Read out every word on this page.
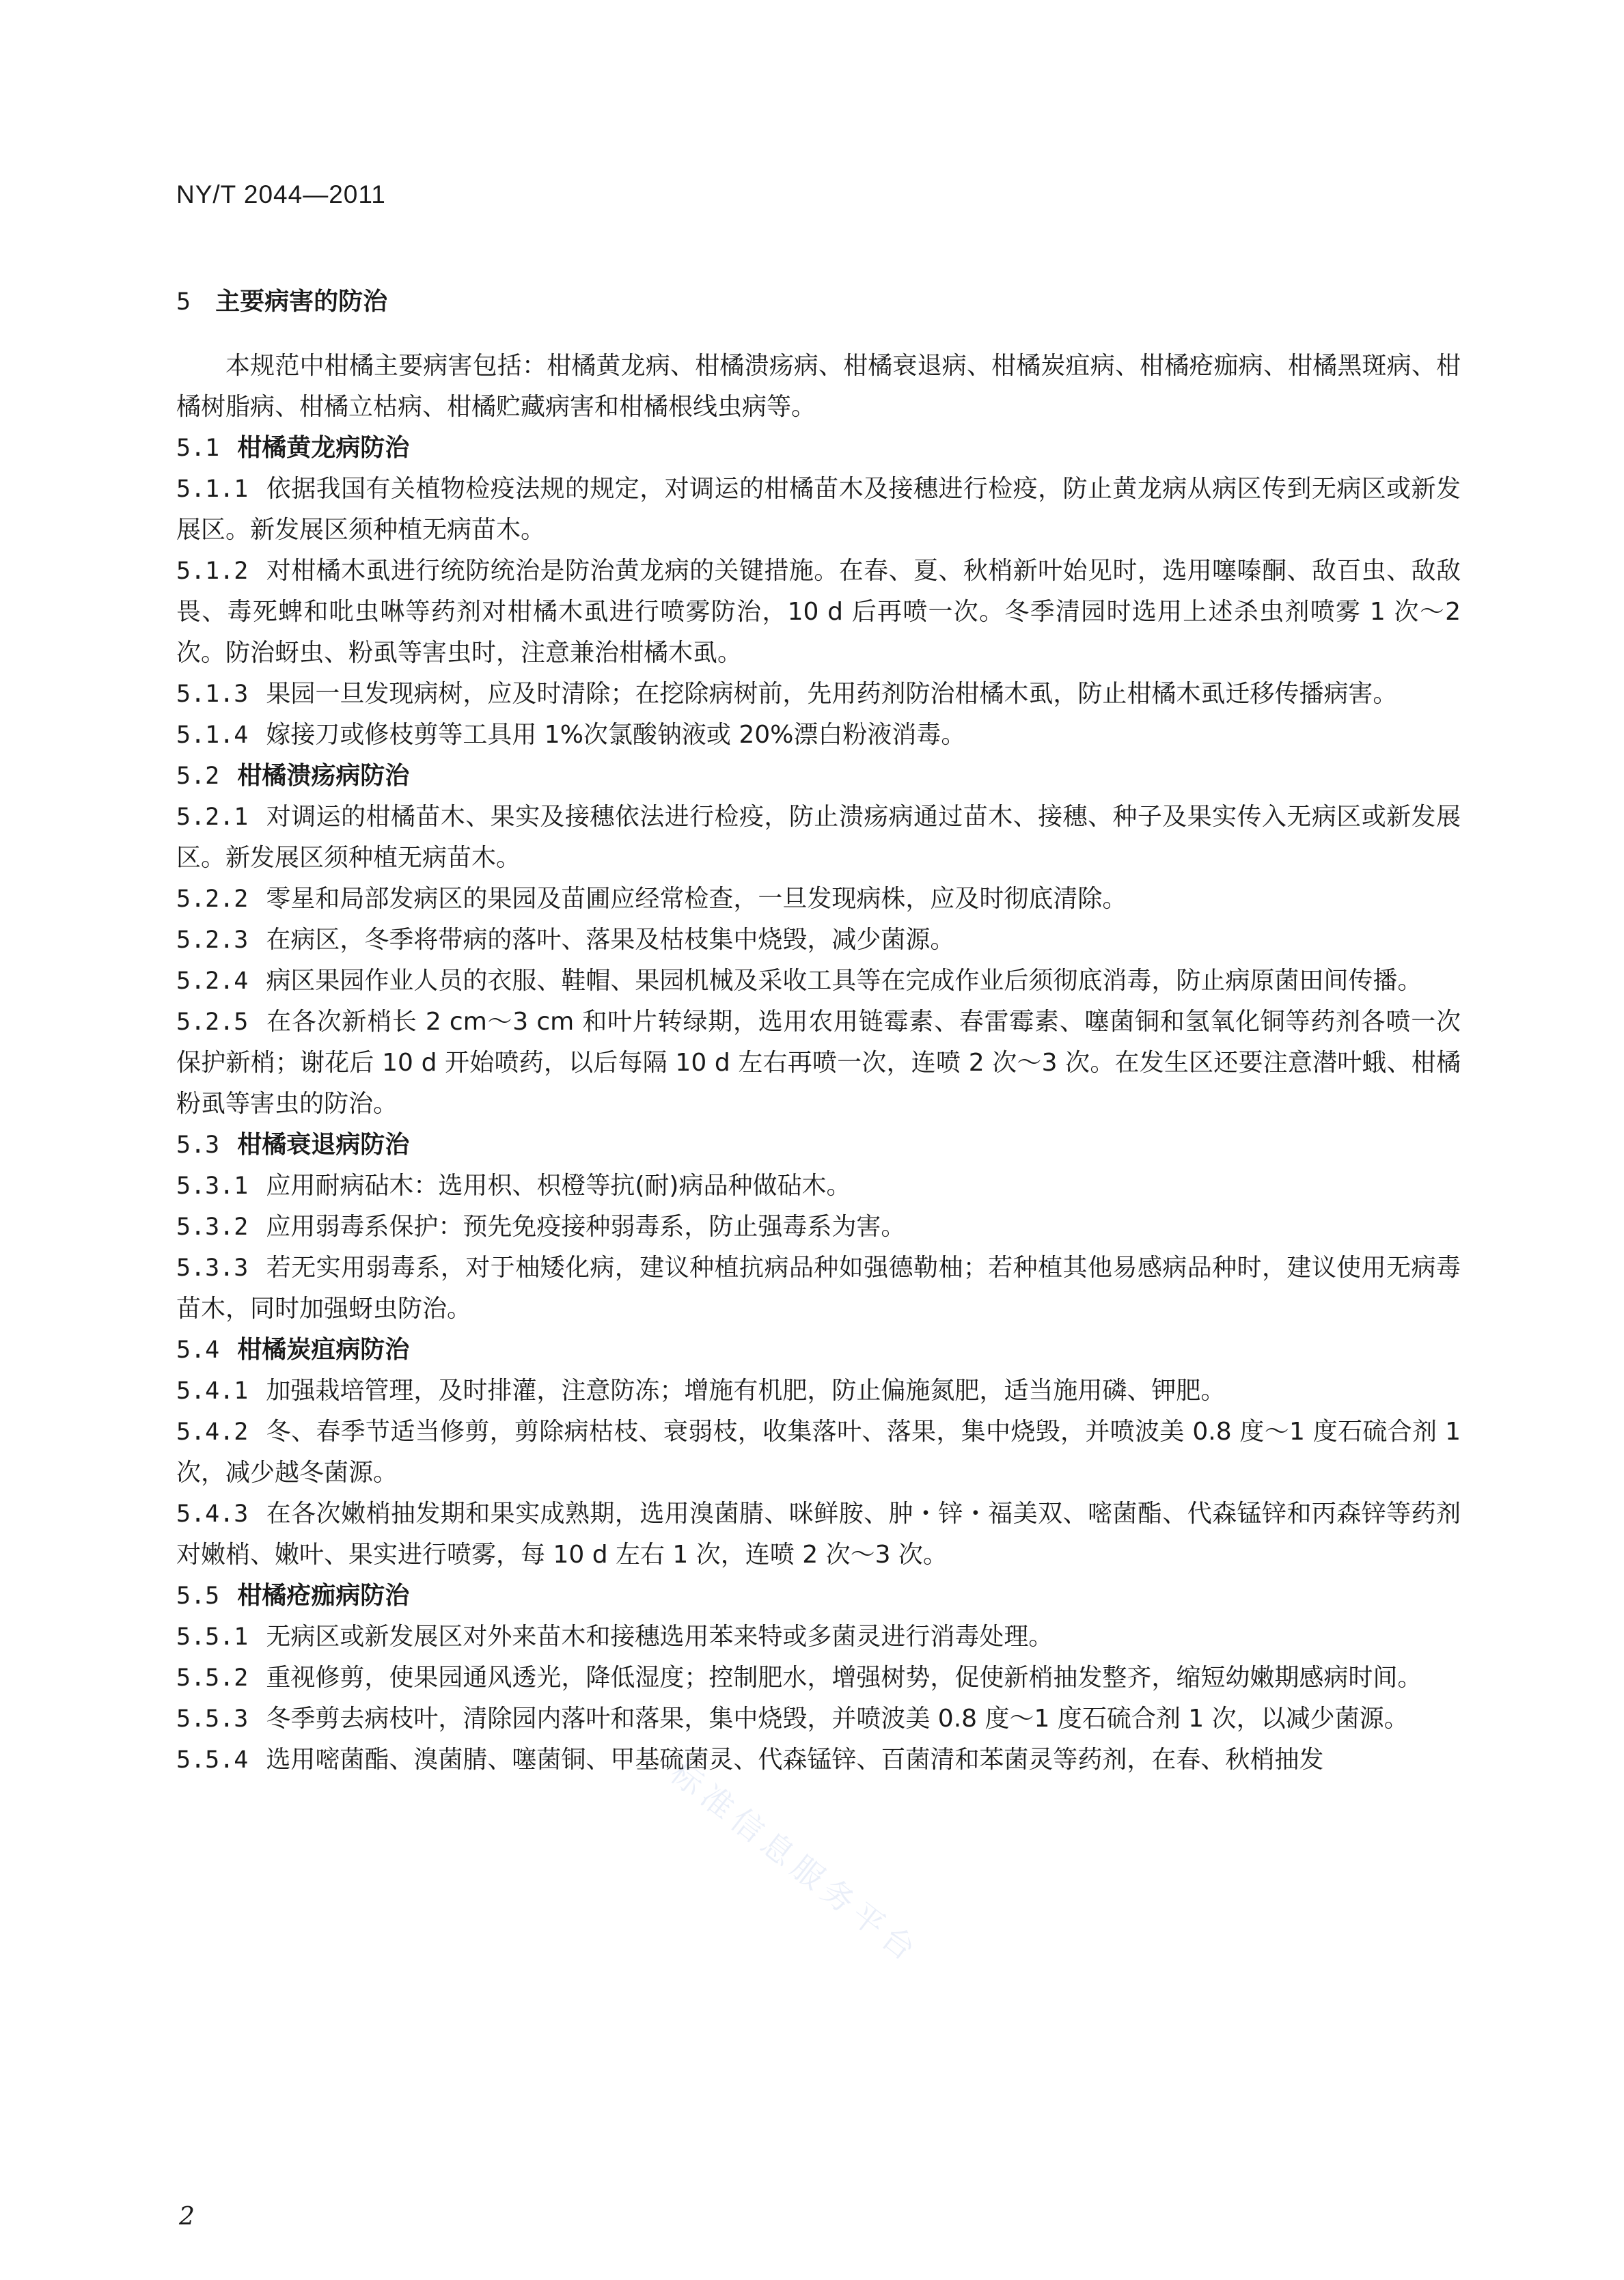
NY/T 2044—2011
5 主要病害的防治

本规范中柑橘主要病害包括：柑橘黄龙病、柑橘溃疡病、柑橘衰退病、柑橘炭疽病、柑橘疮痂病、柑橘黑斑病、柑橘树脂病、柑橘立枯病、柑橘贮藏病害和柑橘根线虫病等。

5.1 柑橘黄龙病防治

5.1.1 依据我国有关植物检疫法规的规定，对调运的柑橘苗木及接穗进行检疫，防止黄龙病从病区传到无病区或新发展区。新发展区须种植无病苗木。

5.1.2 对柑橘木虱进行统防统治是防治黄龙病的关键措施。在春、夏、秋梢新叶始见时，选用噻嗪酮、敌百虫、敌敌畏、毒死蜱和吡虫啉等药剂对柑橘木虱进行喷雾防治，10 d 后再喷一次。冬季清园时选用上述杀虫剂喷雾 1 次～2 次。防治蚜虫、粉虱等害虫时，注意兼治柑橘木虱。

5.1.3 果园一旦发现病树，应及时清除；在挖除病树前，先用药剂防治柑橘木虱，防止柑橘木虱迁移传播病害。

5.1.4 嫁接刀或修枝剪等工具用 1%次氯酸钠液或 20%漂白粉液消毒。

5.2 柑橘溃疡病防治

5.2.1 对调运的柑橘苗木、果实及接穗依法进行检疫，防止溃疡病通过苗木、接穗、种子及果实传入无病区或新发展区。新发展区须种植无病苗木。

5.2.2 零星和局部发病区的果园及苗圃应经常检查，一旦发现病株，应及时彻底清除。

5.2.3 在病区，冬季将带病的落叶、落果及枯枝集中烧毁，减少菌源。

5.2.4 病区果园作业人员的衣服、鞋帽、果园机械及采收工具等在完成作业后须彻底消毒，防止病原菌田间传播。

5.2.5 在各次新梢长 2 cm～3 cm 和叶片转绿期，选用农用链霉素、春雷霉素、噻菌铜和氢氧化铜等药剂各喷一次保护新梢；谢花后 10 d 开始喷药，以后每隔 10 d 左右再喷一次，连喷 2 次～3 次。在发生区还要注意潜叶蛾、柑橘粉虱等害虫的防治。

5.3 柑橘衰退病防治

5.3.1 应用耐病砧木：选用枳、枳橙等抗(耐)病品种做砧木。

5.3.2 应用弱毒系保护：预先免疫接种弱毒系，防止强毒系为害。

5.3.3 若无实用弱毒系，对于柚矮化病，建议种植抗病品种如强德勒柚；若种植其他易感病品种时，建议使用无病毒苗木，同时加强蚜虫防治。

5.4 柑橘炭疽病防治

5.4.1 加强栽培管理，及时排灌，注意防冻；增施有机肥，防止偏施氮肥，适当施用磷、钾肥。

5.4.2 冬、春季节适当修剪，剪除病枯枝、衰弱枝，收集落叶、落果，集中烧毁，并喷波美 0.8 度～1 度石硫合剂 1 次，减少越冬菌源。

5.4.3 在各次嫩梢抽发期和果实成熟期，选用溴菌腈、咪鲜胺、肿・锌・福美双、嘧菌酯、代森锰锌和丙森锌等药剂对嫩梢、嫩叶、果实进行喷雾，每 10 d 左右 1 次，连喷 2 次～3 次。

5.5 柑橘疮痂病防治

5.5.1 无病区或新发展区对外来苗木和接穗选用苯来特或多菌灵进行消毒处理。

5.5.2 重视修剪，使果园通风透光，降低湿度；控制肥水，增强树势，促使新梢抽发整齐，缩短幼嫩期感病时间。

5.5.3 冬季剪去病枝叶，清除园内落叶和落果，集中烧毁，并喷波美 0.8 度～1 度石硫合剂 1 次，以减少菌源。

5.5.4 选用嘧菌酯、溴菌腈、噻菌铜、甲基硫菌灵、代森锰锌、百菌清和苯菌灵等药剂，在春、秋梢抽发

2
标准信息服务平台
